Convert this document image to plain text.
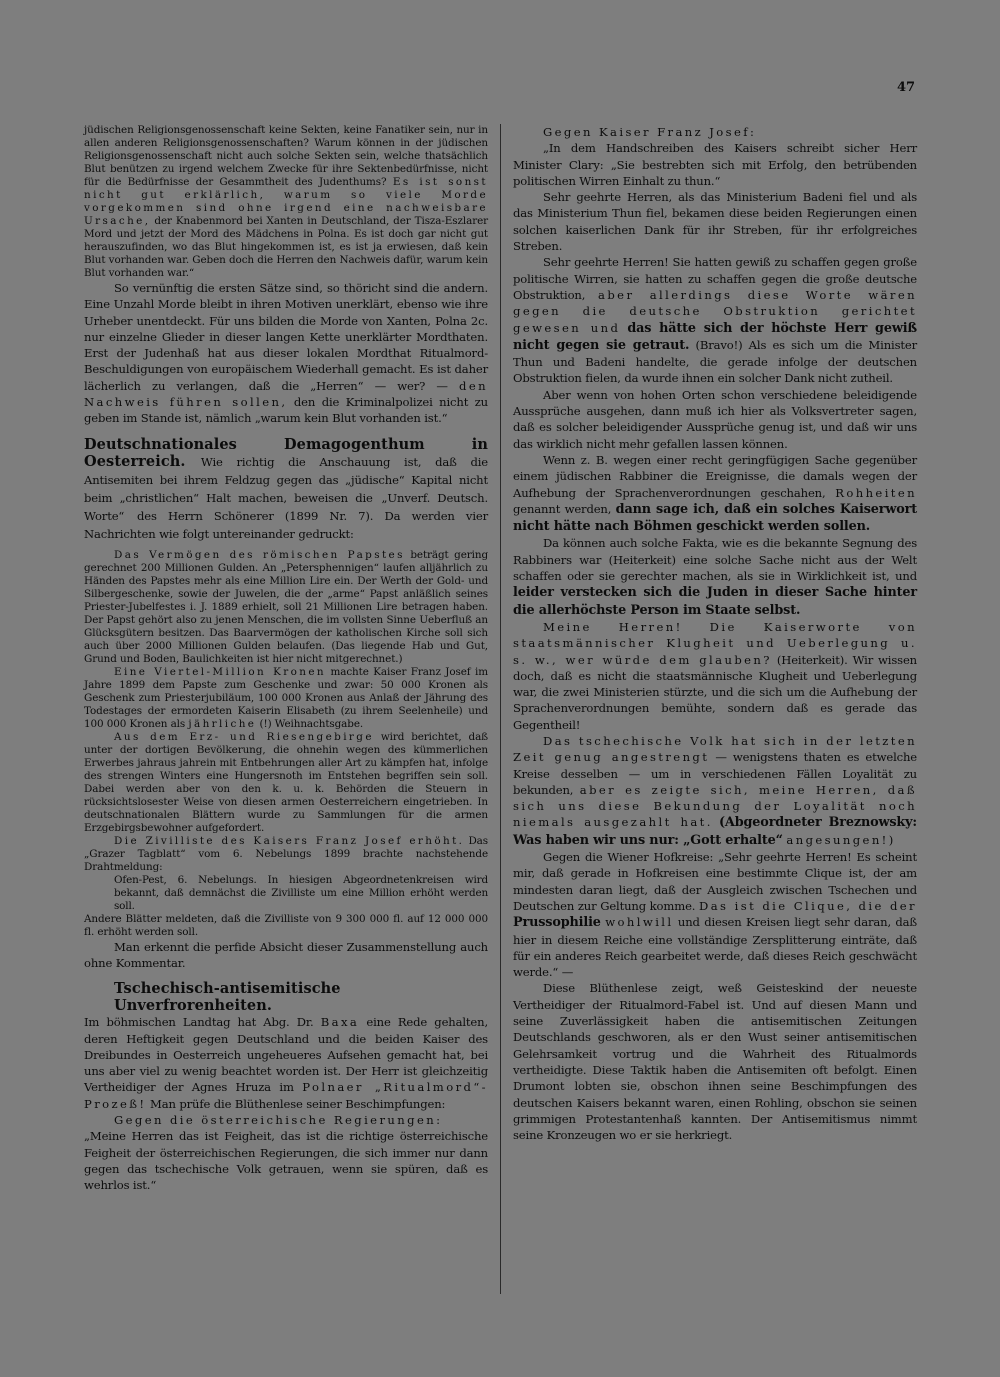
47
jüdischen Religionsgenossenschaft keine Sekten, keine Fanatiker sein, nur in allen anderen Religionsgenossenschaften? Warum können in der jüdischen Religionsgenossenschaft nicht auch solche Sekten sein, welche thatsächlich Blut benützen zu irgend welchem Zwecke für ihre Sektenbedürfnisse, nicht für die Bedürfnisse der Gesammtheit des Judenthums? Es ist sonst nicht gut erklärlich, warum so viele Morde vorgekommen sind ohne irgend eine nachweisbare Ursache, der Knabenmord bei Xanten in Deutschland, der Tisza-Eszlarer Mord und jetzt der Mord des Mädchens in Polna. Es ist doch gar nicht gut herauszufinden, wo das Blut hingekommen ist, es ist ja erwiesen, daß kein Blut vorhanden war. Geben doch die Herren den Nachweis dafür, warum kein Blut vorhanden war.“

So vernünftig die ersten Sätze sind, so thöricht sind die andern. Eine Unzahl Morde bleibt in ihren Motiven unerklärt, ebenso wie ihre Urheber unentdeckt. Für uns bilden die Morde von Xanten, Polna 2c. nur einzelne Glieder in dieser langen Kette unerklärter Mordthaten. Erst der Judenhaß hat aus dieser lokalen Mordthat Ritualmord-Beschuldigungen von europäischem Wiederhall gemacht. Es ist daher lächerlich zu verlangen, daß die „Herren“ — wer? — den Nachweis führen sollen, den die Kriminalpolizei nicht zu geben im Stande ist, nämlich „warum kein Blut vorhanden ist.“

Deutschnationales Demagogenthum in Oesterreich. Wie richtig die Anschauung ist, daß die Antisemiten bei ihrem Feldzug gegen das „jüdische“ Kapital nicht beim „christlichen“ Halt machen, beweisen die „Unverf. Deutsch. Worte“ des Herrn Schönerer (1899 Nr. 7). Da werden vier Nachrichten wie folgt untereinander gedruckt:
Das Vermögen des römischen Papstes beträgt gering gerechnet 200 Millionen Gulden. An „Petersphennigen“ laufen alljährlich zu Händen des Papstes mehr als eine Million Lire ein. Der Werth der Gold- und Silbergeschenke, sowie der Juwelen, die der „arme“ Papst anläßlich seines Priester-Jubelfestes i. J. 1889 erhielt, soll 21 Millionen Lire betragen haben. Der Papst gehört also zu jenen Menschen, die im vollsten Sinne Ueberfluß an Glücksgütern besitzen. Das Baarvermögen der katholischen Kirche soll sich auch über 2000 Millionen Gulden belaufen. (Das liegende Hab und Gut, Grund und Boden, Baulichkeiten ist hier nicht mitgerechnet.)
Eine Viertel-Million Kronen machte Kaiser Franz Josef im Jahre 1899 dem Papste zum Geschenke und zwar: 50 000 Kronen als Geschenk zum Priesterjubiläum, 100 000 Kronen aus Anlaß der Jährung des Todestages der ermordeten Kaiserin Elisabeth (zu ihrem Seelenheile) und 100 000 Kronen als jährliche (!) Weihnachtsgabe.
Aus dem Erz- und Riesengebirge wird berichtet, daß unter der dortigen Bevölkerung, die ohnehin wegen des kümmerlichen Erwerbes jahraus jahrein mit Entbehrungen aller Art zu kämpfen hat, infolge des strengen Winters eine Hungersnoth im Entstehen begriffen sein soll. Dabei werden aber von den k. u. k. Behörden die Steuern in rücksichtslosester Weise von diesen armen Oesterreichern eingetrieben. In deutschnationalen Blättern wurde zu Sammlungen für die armen Erzgebirgsbewohner aufgefordert.
Die Zivilliste des Kaisers Franz Josef erhöht. Das „Grazer Tagblatt“ vom 6. Nebelungs 1899 brachte nachstehende Drahtmeldung:
Ofen-Pest, 6. Nebelungs. In hiesigen Abgeordnetenkreisen wird bekannt, daß demnächst die Zivilliste um eine Million erhöht werden soll.
Andere Blätter meldeten, daß die Zivilliste von 9 300 000 fl. auf 12 000 000 fl. erhöht werden soll.

Man erkennt die perfide Absicht dieser Zusammenstellung auch ohne Kommentar.

Tschechisch-antisemitische Unverfrorenheiten.

Im böhmischen Landtag hat Abg. Dr. Baxa eine Rede gehalten, deren Heftigkeit gegen Deutschland und die beiden Kaiser des Dreibundes in Oesterreich ungeheueres Aufsehen gemacht hat, bei uns aber viel zu wenig beachtet worden ist. Der Herr ist gleichzeitig Vertheidiger der Agnes Hruza im Polnaer „Ritualmord“-Prozeß! Man prüfe die Blüthenlese seiner Beschimpfungen:

Gegen die österreichische Regierungen:

„Meine Herren das ist Feigheit, das ist die richtige österreichische Feigheit der österreichischen Regierungen, die sich immer nur dann gegen das tschechische Volk getrauen, wenn sie spüren, daß es wehrlos ist.“

Gegen Kaiser Franz Josef:

„In dem Handschreiben des Kaisers schreibt sicher Herr Minister Clary: „Sie bestrebten sich mit Erfolg, den betrübenden politischen Wirren Einhalt zu thun.“

Sehr geehrte Herren, als das Ministerium Badeni fiel und als das Ministerium Thun fiel, bekamen diese beiden Regierungen einen solchen kaiserlichen Dank für ihr Streben, für ihr erfolgreiches Streben.

Sehr geehrte Herren! Sie hatten gewiß zu schaffen gegen große politische Wirren, sie hatten zu schaffen gegen die große deutsche Obstruktion, aber allerdings diese Worte wären gegen die deutsche Obstruktion gerichtet gewesen und das hätte sich der höchste Herr gewiß nicht gegen sie getraut. (Bravo!) Als es sich um die Minister Thun und Badeni handelte, die gerade infolge der deutschen Obstruktion fielen, da wurde ihnen ein solcher Dank nicht zutheil.

Aber wenn von hohen Orten schon verschiedene beleidigende Aussprüche ausgehen, dann muß ich hier als Volksvertreter sagen, daß es solcher beleidigender Aussprüche genug ist, und daß wir uns das wirklich nicht mehr gefallen lassen können.

Wenn z. B. wegen einer recht geringfügigen Sache gegenüber einem jüdischen Rabbiner die Ereignisse, die damals wegen der Aufhebung der Sprachenverordnungen geschahen, Rohheiten genannt werden, dann sage ich, daß ein solches Kaiserwort nicht hätte nach Böhmen geschickt werden sollen.

Da können auch solche Fakta, wie es die bekannte Segnung des Rabbiners war (Heiterkeit) eine solche Sache nicht aus der Welt schaffen oder sie gerechter machen, als sie in Wirklichkeit ist, und leider verstecken sich die Juden in dieser Sache hinter die allerhöchste Person im Staate selbst.

Meine Herren! Die Kaiserworte von staatsmännischer Klugheit und Ueberlegung u. s. w., wer würde dem glauben? (Heiterkeit). Wir wissen doch, daß es nicht die staatsmännische Klugheit und Ueberlegung war, die zwei Ministerien stürzte, und die sich um die Aufhebung der Sprachenverordnungen bemühte, sondern daß es gerade das Gegentheil!

Das tschechische Volk hat sich in der letzten Zeit genug angestrengt — wenigstens thaten es etwelche Kreise desselben — um in verschiedenen Fällen Loyalität zu bekunden, aber es zeigte sich, meine Herren, daß sich uns diese Bekundung der Loyalität noch niemals ausgezahlt hat. (Abgeordneter Breznowsky: Was haben wir uns nur: „Gott erhalte“ angesungen!)

Gegen die Wiener Hofkreise: „Sehr geehrte Herren! Es scheint mir, daß gerade in Hofkreisen eine bestimmte Clique ist, der am mindesten daran liegt, daß der Ausgleich zwischen Tschechen und Deutschen zur Geltung komme. Das ist die Clique, die der Prussophilie wohlwill und diesen Kreisen liegt sehr daran, daß hier in diesem Reiche eine vollständige Zersplitterung einträte, daß für ein anderes Reich gearbeitet werde, daß dieses Reich geschwächt werde.“ —

Diese Blüthenlese zeigt, weß Geisteskind der neueste Vertheidiger der Ritualmord-Fabel ist. Und auf diesen Mann und seine Zuverlässigkeit haben die antisemitischen Zeitungen Deutschlands geschworen, als er den Wust seiner antisemitischen Gelehrsamkeit vortrug und die Wahrheit des Ritualmords vertheidigte. Diese Taktik haben die Antisemiten oft befolgt. Einen Drumont lobten sie, obschon ihnen seine Beschimpfungen des deutschen Kaisers bekannt waren, einen Rohling, obschon sie seinen grimmigen Protestantenhaß kannten. Der Antisemitismus nimmt seine Kronzeugen wo er sie herkriegt.
